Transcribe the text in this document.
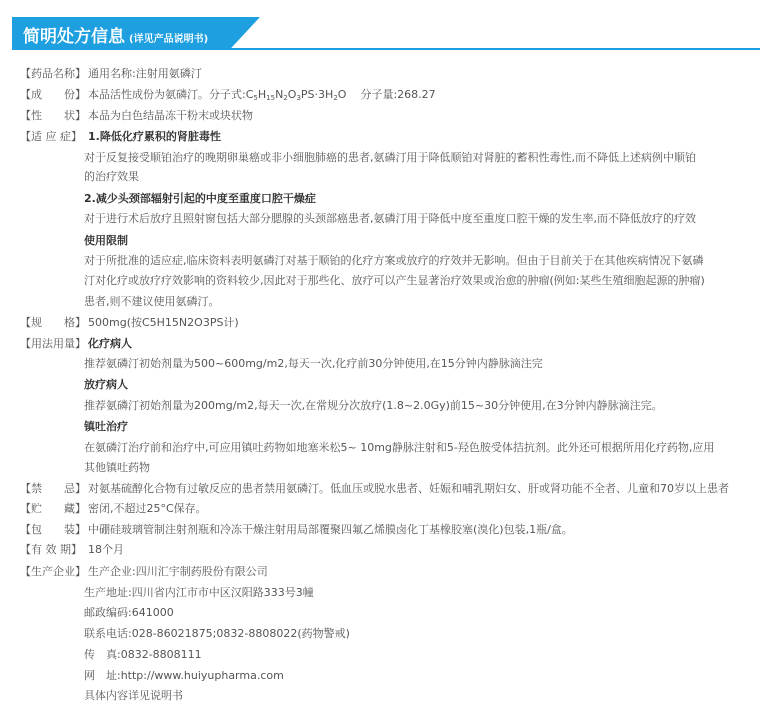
简明处方信息 (详见产品说明书)
【药品名称】 通用名称:注射用氨磷汀
【成　　份】 本品活性成份为氨磷汀。分子式$:C_5H_{15}N_2O_3PS\cdot 3H_2O$ 分子量:268.27
【性　　状】 本品为白色结晶冻干粉末或块状物
【适 应 症】 1.降低化疗累积的肾脏毒性
对于反复接受顺铂治疗的晚期卵巢癌或非小细胞肺癌的患者,氨磷汀用于降低顺铂对肾脏的蓄积性毒性,而不降低上述病例中顺铂
的治疗效果
2.减少头颈部辐射引起的中度至重度口腔干燥症
对于进行术后放疗且照射窗包括大部分腮腺的头颈部癌患者,氨磷汀用于降低中度至重度口腔干燥的发生率,而不降低放疗的疗效
使用限制
对于所批准的适应症,临床资料表明氨磷汀对基于顺铂的化疗方案或放疗的疗效并无影响。但由于目前关于在其他疾病情况下氨磷
汀对化疗或放疗疗效影响的资料较少,因此对于那些化、放疗可以产生显著治疗效果或治愈的肿瘤(例如:某些生殖细胞起源的肿瘤)
患者,则不建议使用氨磷汀。
【规　　格】 500mg(按C5H15N2O3PS计)
【用法用量】 化疗病人
推荐氨磷汀初始剂量为500~600mg/m2,每天一次,化疗前30分钟使用,在15分钟内静脉滴注完
放疗病人
推荐氨磷汀初始剂量为200mg/m2,每天一次,在常规分次放疗(1.8~2.0Gy)前15~30分钟使用,在3分钟内静脉滴注完。
镇吐治疗
在氨磷汀治疗前和治疗中,可应用镇吐药物如地塞米松5~ 10mg静脉注射和5-羟色胺受体拮抗剂。此外还可根据所用化疗药物,应用
其他镇吐药物
【禁　　忌】 对氨基硫醇化合物有过敏反应的患者禁用氨磷汀。低血压或脱水患者、妊娠和哺乳期妇女、肝或肾功能不全者、儿童和70岁以上患者
【贮　　藏】 密闭,不超过25°C保存。
【包　　装】 中硼硅玻璃管制注射剂瓶和冷冻干燥注射用局部覆聚四氟乙烯膜卤化丁基橡胶塞(溴化)包装,1瓶/盒。
【有 效 期】 18个月
【生产企业】 生产企业:四川汇宇制药股份有限公司
生产地址:四川省内江市市中区汉阳路333号3幢
邮政编码:641000
联系电话:028-86021875;0832-8808022(药物警戒)
传　真:0832-8808111
网　址:http://www.huiyupharma.com
具体内容详见说明书
